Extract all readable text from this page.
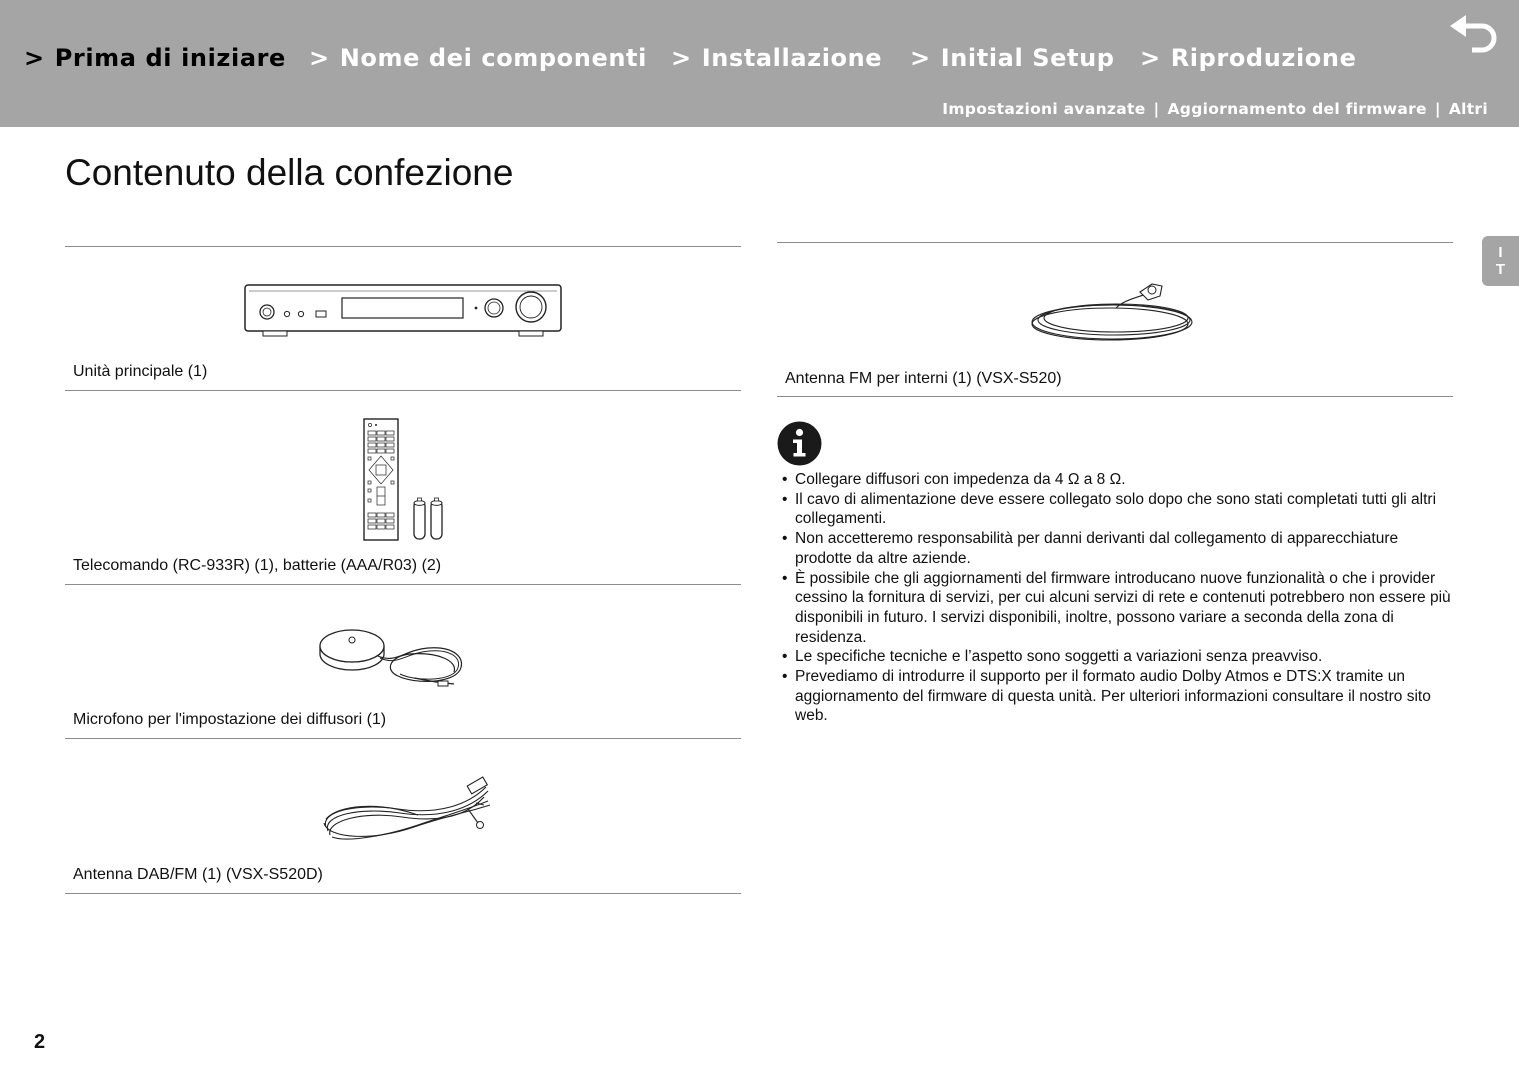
> Prima di iniziare > Nome dei componenti > Installazione > Initial Setup > Riproduzione
Impostazioni avanzate | Aggiornamento del firmware | Altri
Contenuto della confezione
I
T
Unità principale (1)
Telecomando (RC-933R) (1), batterie (AAA/R03) (2)
Microfono per l'impostazione dei diffusori (1)
Antenna DAB/FM (1) (VSX-S520D)
Antenna FM per interni (1) (VSX-S520)
• Collegare diffusori con impedenza da 4 Ω a 8 Ω.
• Il cavo di alimentazione deve essere collegato solo dopo che sono stati completati tutti gli altri collegamenti.
• Non accetteremo responsabilità per danni derivanti dal collegamento di apparecchiature prodotte da altre aziende.
• È possibile che gli aggiornamenti del firmware introducano nuove funzionalità o che i provider cessino la fornitura di servizi, per cui alcuni servizi di rete e contenuti potrebbero non essere più disponibili in futuro. I servizi disponibili, inoltre, possono variare a seconda della zona di residenza.
• Le specifiche tecniche e l’aspetto sono soggetti a variazioni senza preavviso.
• Prevediamo di introdurre il supporto per il formato audio Dolby Atmos e DTS:X tramite un aggiornamento del firmware di questa unità. Per ulteriori informazioni consultare il nostro sito web.
2
